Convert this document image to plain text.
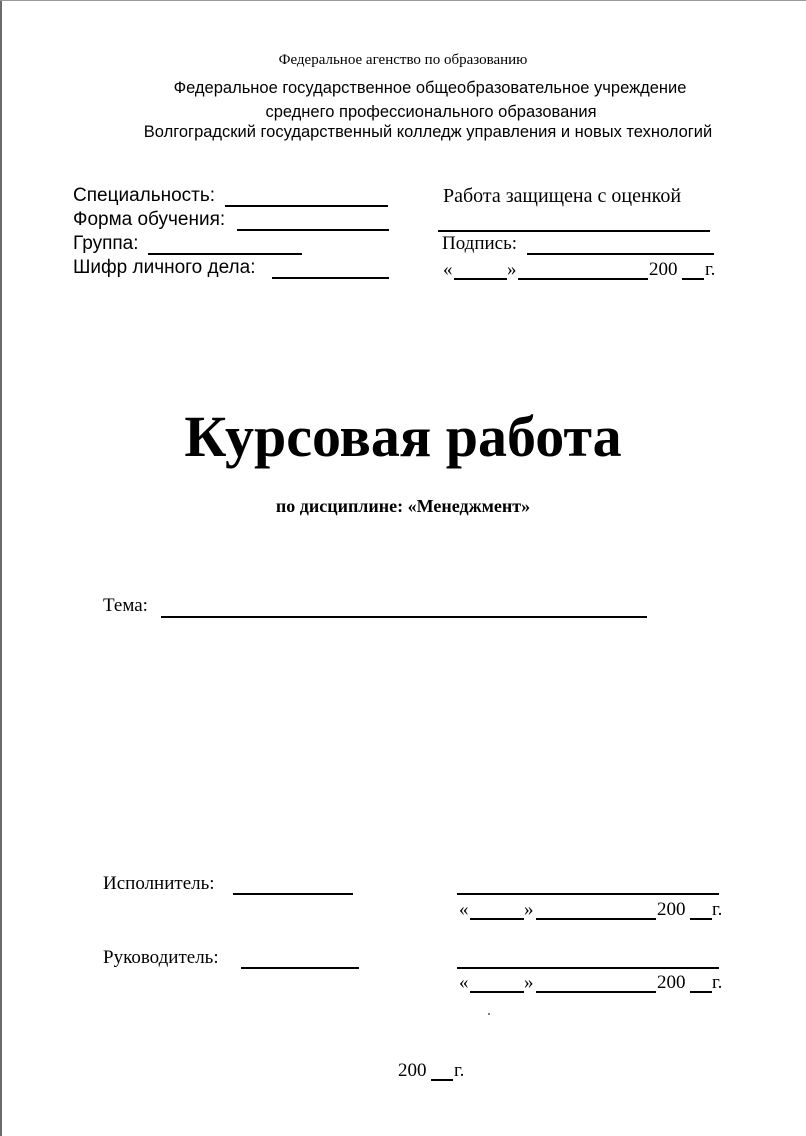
Федеральное агенство по образованию
Федеральное государственное общеобразовательное учреждение
среднего профессионального образования
Волгоградский государственный колледж управления и новых технологий
Специальность:
Форма обучения:
Группа:
Шифр личного дела:
Работа защищена с оценкой
Подпись:
«	»	200 г.
Курсовая работа
по дисциплине: «Менеджмент»
Тема:
Исполнитель:
«	»	200 г.
Руководитель:
«	»	200 г.
200 г.
